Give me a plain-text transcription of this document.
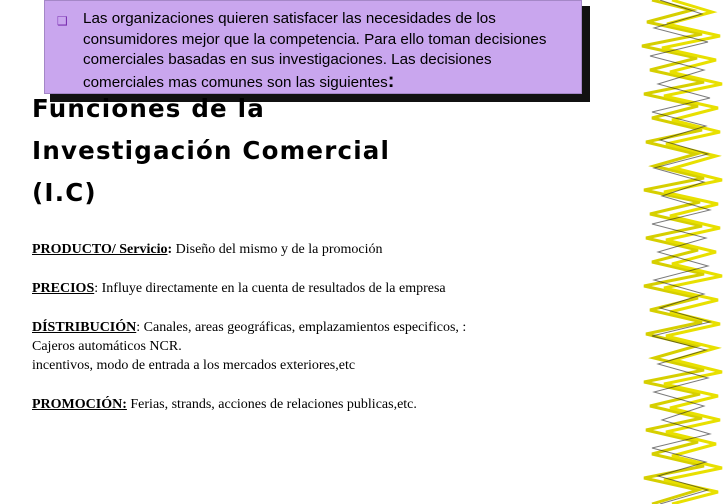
❑ Las organizaciones quieren satisfacer las necesidades de los consumidores mejor que la competencia. Para ello toman decisiones comerciales basadas en sus investigaciones. Las decisiones comerciales mas comunes son las siguientes:
Funciones de la
Investigación Comercial
(I.C)

PRODUCTO/ Servicio: Diseño del mismo y de la promoción

PRECIOS: Influye directamente en la cuenta de resultados de la empresa

DÍSTRIBUCIÓN: Canales, areas geográficas, emplazamientos especificos, : Cajeros automáticos NCR.
incentivos, modo de entrada a los mercados exteriores,etc

PROMOCIÓN: Ferias, strands, acciones de relaciones publicas,etc.
